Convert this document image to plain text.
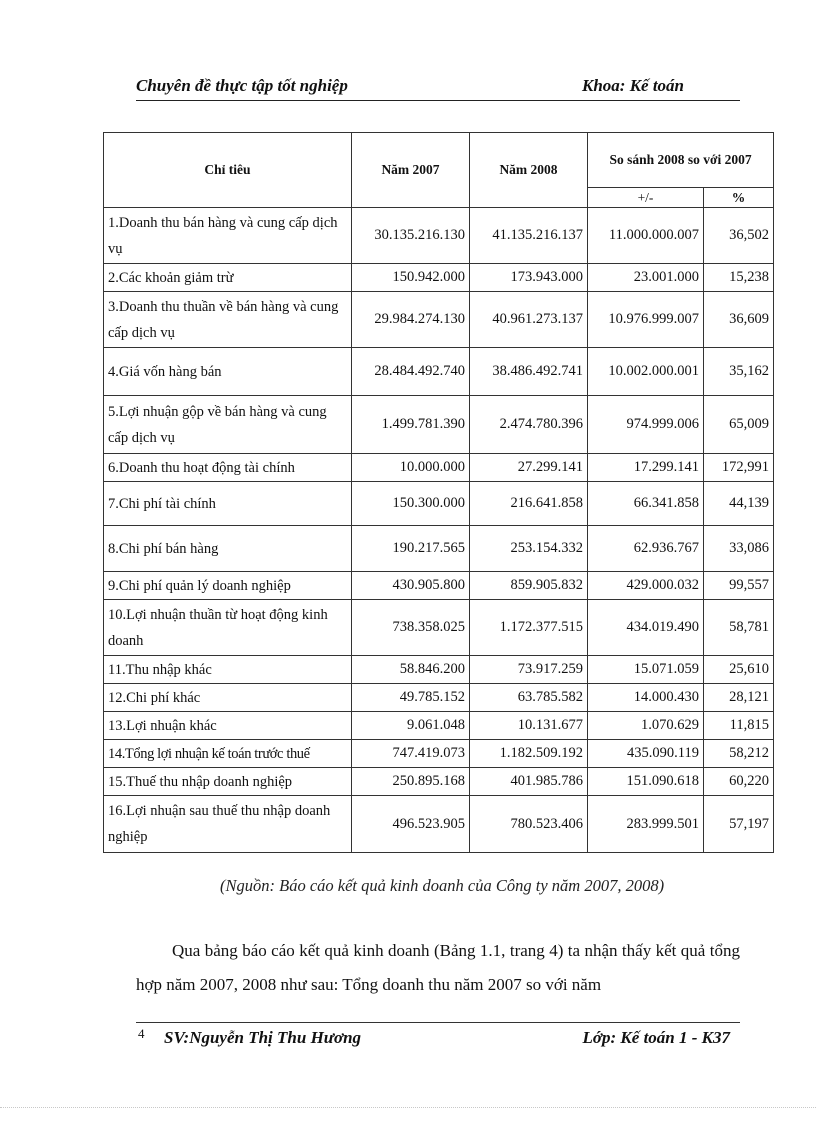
Chuyên đề thực tập tốt nghiệp	Khoa: Kế toán
Chỉ tiêu	Năm 2007	Năm 2008	So sánh 2008 so với 2007	
			+/-	%
1.Doanh thu bán hàng và cung cấp dịch vụ	30.135.216.130	41.135.216.137	11.000.000.007	36,502
2.Các khoản giảm trừ	150.942.000	173.943.000	23.001.000	15,238
3.Doanh thu thuần về bán hàng và cung cấp dịch vụ	29.984.274.130	40.961.273.137	10.976.999.007	36,609
4.Giá vốn hàng bán	28.484.492.740	38.486.492.741	10.002.000.001	35,162
5.Lợi nhuận gộp về bán hàng và cung cấp dịch vụ	1.499.781.390	2.474.780.396	974.999.006	65,009
6.Doanh thu hoạt động tài chính	10.000.000	27.299.141	17.299.141	172,991
7.Chi phí tài chính	150.300.000	216.641.858	66.341.858	44,139
8.Chi phí bán hàng	190.217.565	253.154.332	62.936.767	33,086
9.Chi phí quản lý doanh nghiệp	430.905.800	859.905.832	429.000.032	99,557
10.Lợi nhuận thuần từ hoạt động kinh doanh	738.358.025	1.172.377.515	434.019.490	58,781
11.Thu nhập khác	58.846.200	73.917.259	15.071.059	25,610
12.Chi phí khác	49.785.152	63.785.582	14.000.430	28,121
13.Lợi nhuận khác	9.061.048	10.131.677	1.070.629	11,815
14.Tổng lợi nhuận kế toán trước thuế	747.419.073	1.182.509.192	435.090.119	58,212
15.Thuế thu nhập doanh nghiệp	250.895.168	401.985.786	151.090.618	60,220
16.Lợi nhuận sau thuế thu nhập doanh nghiệp	496.523.905	780.523.406	283.999.501	57,197
(Nguồn: Báo cáo kết quả kinh doanh của Công ty năm 2007, 2008)
Qua bảng báo cáo kết quả kinh doanh (Bảng 1.1, trang 4) ta nhận thấy kết quả tổng hợp năm 2007, 2008 như sau: Tổng doanh thu năm 2007 so với năm
4 SV:Nguyễn Thị Thu Hương	Lớp: Kế toán 1 - K37
